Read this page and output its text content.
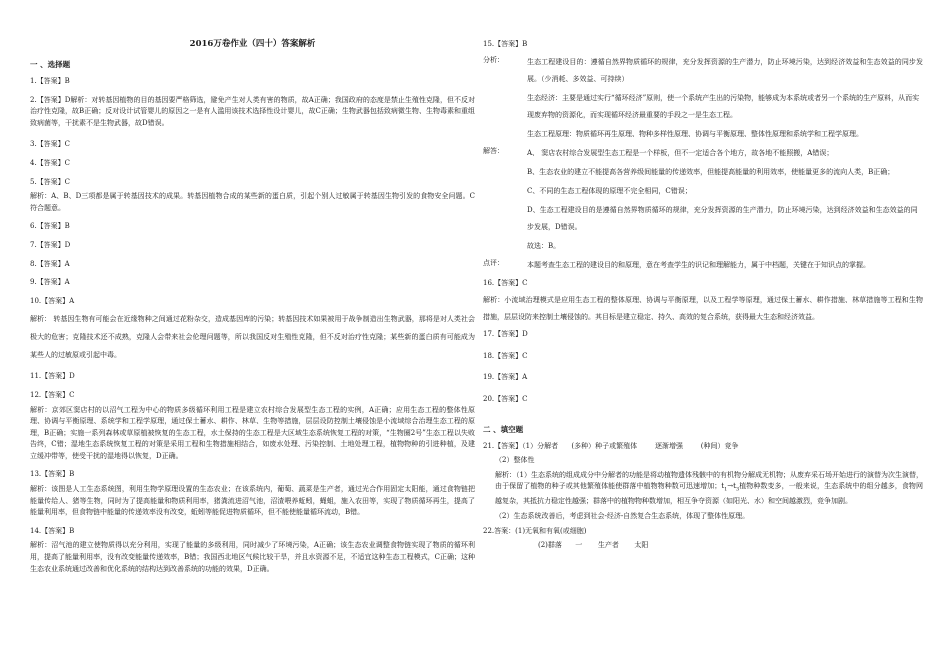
2016万卷作业（四十）答案解析
一 、选择题
1.【答案】B
2.【答案】D解析：对转基因植物的目的基因要严格筛选，避免产生对人类有害的物质，故A正确；我国政府的态度是禁止生殖性克隆，但不反对治疗性克隆，故B正确；反对设计试管婴儿的原因之一是有人滥用该技术选择性设计婴儿，故C正确；生物武器包括致病微生物、生物毒素和重组致病菌等，干扰素不是生物武器，故D错误。
3.【答案】C
4.【答案】C
5.【答案】C
解析：A、B、D三项都是属于转基因技术的成果。转基因植物合成的某些新的蛋白质，引起个别人过敏属于转基因生物引发的食物安全问题。C符合题意。
6.【答案】B
7.【答案】D
8.【答案】A
9.【答案】A
10.【答案】A
解析： 转基因生物有可能会在近缘物种之间通过花粉杂交，造成基因库的污染；转基因技术如果被用于战争制造出生物武器，那将是对人类社会极大的危害；克隆技术还不成熟，克隆人会带来社会伦理问题等，所以我国反对生殖性克隆，但不反对治疗性克隆；某些新的蛋白质有可能成为某些人的过敏原或引起中毒。
11.【答案】D
12.【答案】C
解析：京郊区窦店村的以沼气工程为中心的物质多级循环利用工程是建立农村综合发展型生态工程的实例，A正确；应用生态工程的整体性原理、协调与平衡原理、系统学和工程学原理，通过保土蓄水、耕作、林草、生物等措施，层层设防控制土壤侵蚀是小流域综合治理生态工程的原理，B正确；实施一系列森林或草原植被恢复的生态工程，水土保持的生态工程是大区域生态系统恢复工程的对策，“生物圈2号”生态工程以失败告终，C错；湿地生态系统恢复工程的对策是采用工程和生物措施相结合，如废水处理、污染控制、土地处理工程，植物物种的引进种植，及建立缓冲带等，使受干扰的湿地得以恢复，D正确。
13.【答案】B
解析：该图是人工生态系统图，利用生物学原理设置的生态农业；在该系统内，葡萄、蔬菜是生产者，通过光合作用固定太阳能，通过食物链把能量传给人、猪等生物，同时为了提高能量和物质利用率，猪粪流进沼气池，沼渣喂养蚯蚓，蝇蛆，施入农田等，实现了物质循环再生，提高了能量利用率，但食物链中能量的传递效率没有改变，蚯蚓等能促进物质循环，但不能使能量循环流动，B错。
14.【答案】B
解析：沼气池的建立使物质得以充分利用，实现了能量的多级利用，同时减少了环境污染，A正确；该生态农业调整食物链实现了物质的循环利用，提高了能量利用率，没有改变能量传递效率，B错；我国西北地区气候比较干旱，并且水资源不足，不适宜这种生态工程模式，C正确；这种生态农业系统通过改善和优化系统的结构达到改善系统的功能的效果，D正确。
15.【答案】B
分析：	生态工程建设目的：遵循自然界物质循环的规律，充分发挥资源的生产潜力，防止环境污染，达到经济效益和生态效益的同步发展。（少消耗、多效益、可持续）
生态经济：主要是通过实行“循环经济”原则，使一个系统产生出的污染物，能够成为本系统或者另一个系统的生产原料，从而实现废弃物的资源化，而实现循环经济最重要的手段之一是生态工程。
生态工程原理：物质循环再生原理、物种多样性原理、协调与平衡原理、整体性原理和系统学和工程学原理。
解答：	A、 窦店农村综合发展型生态工程是一个样板，但不一定适合各个地方，故各地不能照搬，A错误；
B、生态农业的建立不能提高各营养级间能量的传递效率，但能提高能量的利用效率，使能量更多的流向人类，B正确；
C、不同的生态工程体现的原理不完全相同，C错误；
D、生态工程建设目的是遵循自然界物质循环的规律，充分发挥资源的生产潜力，防止环境污染，达到经济效益和生态效益的同步发展，D错误。
故选：B。
点评：	本题考查生态工程的建设目的和原理，意在考查学生的识记和理解能力，属于中档题，关键在于知识点的掌握。
16.【答案】C
解析：小流域治理模式是应用生态工程的整体原理、协调与平衡原理，以及工程学等原理，通过保土蓄水、耕作措施、林草措施等工程和生物措施，层层设防来控制土壤侵蚀的。其目标是建立稳定、持久、高效的复合系统，获得最大生态和经济效益。
17.【答案】D
18.【答案】C
19.【答案】A
20.【答案】C
二 、填空题
21.【答案】（1）分解者      (多种）种子或繁殖体        逐渐增强        (种间）竞争
（2）整体性
解析：（1）生态系统的组成成分中分解者的功能是将动植物遗体残骸中的有机物分解成无机物；从废弃采石场开始进行的演替为次生演替，由于保留了植物的种子或其他繁殖体能使群落中植物物种数可迅速增加；$t_1\to t_3$植物种数变多，一般来说，生态系统中的组分越多，食物网越复杂，其抵抗力稳定性越强；群落中的植物物种数增加，相互争夺资源（如阳光、水）和空间越激烈，竞争加剧。
（2）生态系统改善后，考虑到社会-经济-自然复合生态系统，体现了整体性原理。
22.答案：(1)无氧和有氧(或细胞)
(2)群落      一       生产者       太阳
